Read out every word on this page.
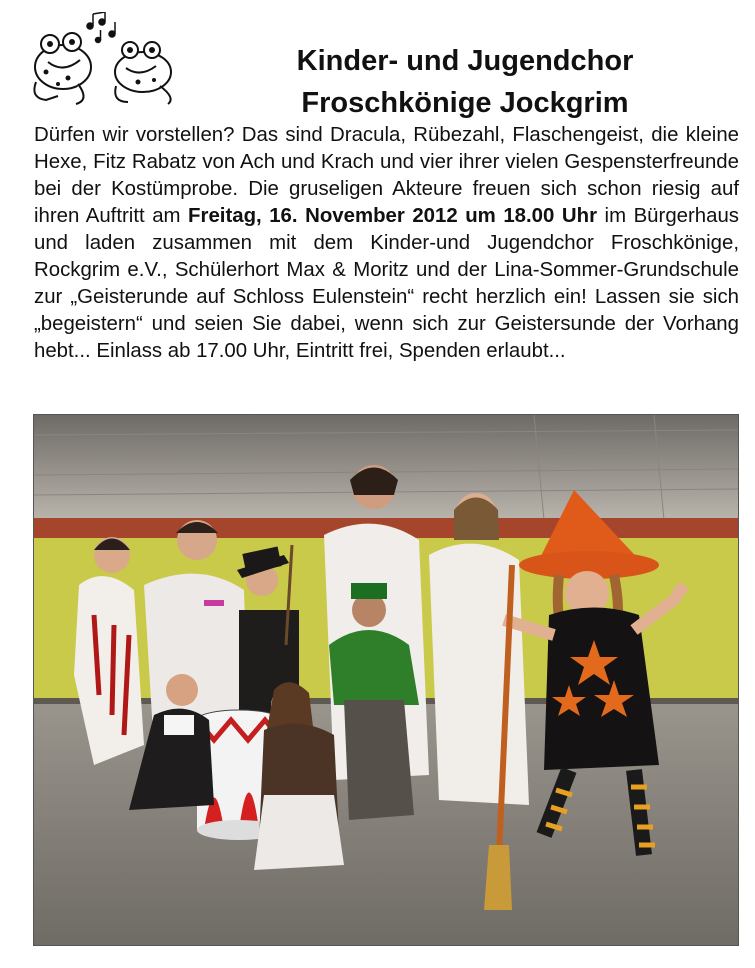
Kinder- und Jugendchor
Froschkönige Jockgrim
Dürfen wir vorstellen? Das sind Dracula, Rübezahl, Flaschengeist, die kleine Hexe, Fitz Rabatz von Ach und Krach und vier ihrer vielen Gespensterfreunde bei der Kostümprobe. Die gruseligen Akteure freuen sich schon riesig auf ihren Auftritt am Freitag, 16. November 2012 um 18.00 Uhr im Bürgerhaus und laden zusammen mit dem Kinder-und Jugendchor Froschkönige, Rockgrim e.V., Schülerhort Max & Moritz und der Lina-Sommer-Grundschule zur „Geisterunde auf Schloss Eulenstein“ recht herzlich ein! Lassen sie sich „begeistern“ und seien Sie dabei, wenn sich zur Geistersunde der Vorhang hebt... Einlass ab 17.00 Uhr, Eintritt frei, Spenden erlaubt...
